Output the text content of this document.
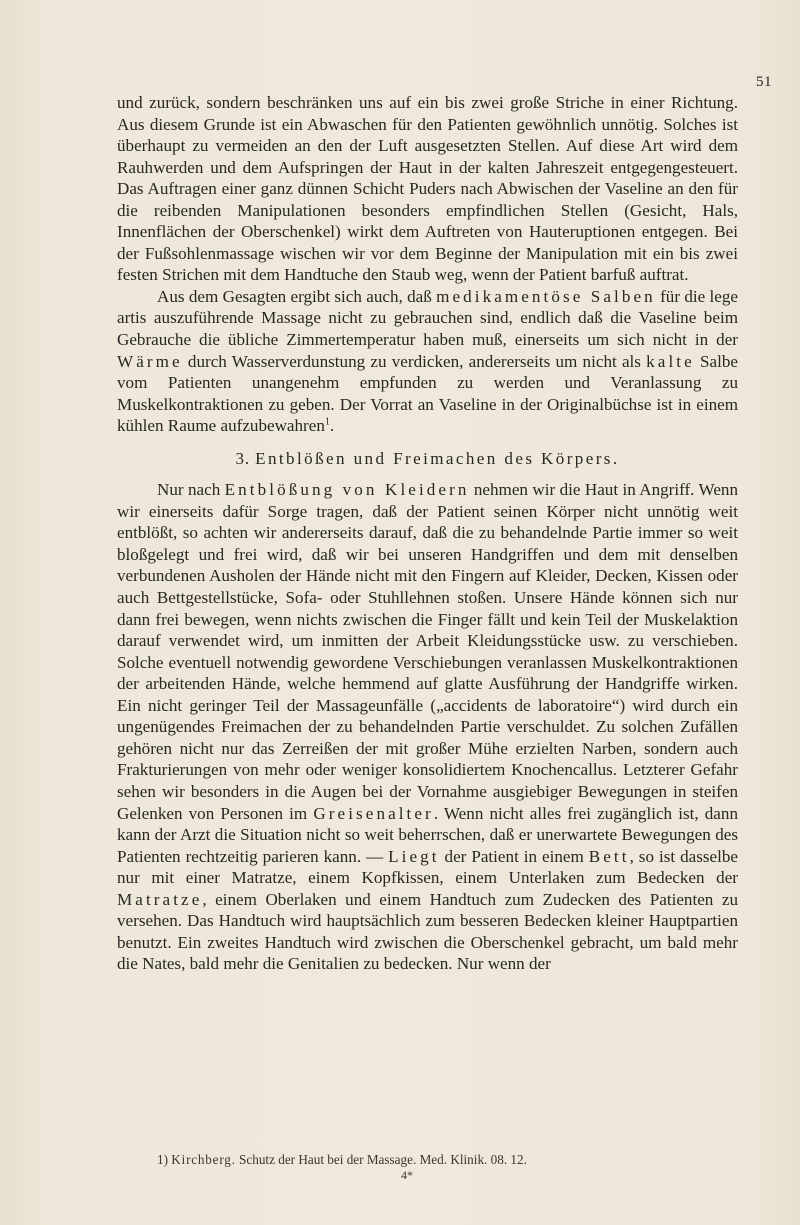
51

und zurück, sondern beschränken uns auf ein bis zwei große Striche in einer Richtung. Aus diesem Grunde ist ein Abwaschen für den Patienten gewöhnlich unnötig. Solches ist überhaupt zu vermeiden an den der Luft ausgesetzten Stellen. Auf diese Art wird dem Rauhwerden und dem Aufspringen der Haut in der kalten Jahreszeit entgegengesteuert. Das Auftragen einer ganz dünnen Schicht Puders nach Abwischen der Vaseline an den für die reibenden Manipulationen besonders empfindlichen Stellen (Gesicht, Hals, Innenflächen der Oberschenkel) wirkt dem Auftreten von Hauteruptionen entgegen. Bei der Fußsohlenmassage wischen wir vor dem Beginne der Manipulation mit ein bis zwei festen Strichen mit dem Handtuche den Staub weg, wenn der Patient barfuß auftrat.

Aus dem Gesagten ergibt sich auch, daß medikamentöse Salben für die lege artis auszuführende Massage nicht zu gebrauchen sind, endlich daß die Vaseline beim Gebrauche die übliche Zimmertemperatur haben muß, einerseits um sich nicht in der Wärme durch Wasserverdunstung zu verdicken, andererseits um nicht als kalte Salbe vom Patienten unangenehm empfunden zu werden und Veranlassung zu Muskelkontraktionen zu geben. Der Vorrat an Vaseline in der Originalbüchse ist in einem kühlen Raume aufzubewahren$^1$.

3. Entblößen und Freimachen des Körpers.

Nur nach Entblößung von Kleidern nehmen wir die Haut in Angriff. Wenn wir einerseits dafür Sorge tragen, daß der Patient seinen Körper nicht unnötig weit entblößt, so achten wir andererseits darauf, daß die zu behandelnde Partie immer so weit bloßgelegt und frei wird, daß wir bei unseren Handgriffen und dem mit denselben verbundenen Ausholen der Hände nicht mit den Fingern auf Kleider, Decken, Kissen oder auch Bettgestellstücke, Sofa- oder Stuhllehnen stoßen. Unsere Hände können sich nur dann frei bewegen, wenn nichts zwischen die Finger fällt und kein Teil der Muskelaktion darauf verwendet wird, um inmitten der Arbeit Kleidungsstücke usw. zu verschieben. Solche eventuell notwendig gewordene Verschiebungen veranlassen Muskelkontraktionen der arbeitenden Hände, welche hemmend auf glatte Ausführung der Handgriffe wirken. Ein nicht geringer Teil der Massageunfälle („accidents de laboratoire“) wird durch ein ungenügendes Freimachen der zu behandelnden Partie verschuldet. Zu solchen Zufällen gehören nicht nur das Zerreißen der mit großer Mühe erzielten Narben, sondern auch Frakturierungen von mehr oder weniger konsolidiertem Knochencallus. Letzterer Gefahr sehen wir besonders in die Augen bei der Vornahme ausgiebiger Bewegungen in steifen Gelenken von Personen im Greisenalter. Wenn nicht alles frei zugänglich ist, dann kann der Arzt die Situation nicht so weit beherrschen, daß er unerwartete Bewegungen des Patienten rechtzeitig parieren kann. — Liegt der Patient in einem Bett, so ist dasselbe nur mit einer Matratze, einem Kopfkissen, einem Unterlaken zum Bedecken der Matratze, einem Oberlaken und einem Handtuch zum Zudecken des Patienten zu versehen. Das Handtuch wird hauptsächlich zum besseren Bedecken kleiner Hauptpartien benutzt. Ein zweites Handtuch wird zwischen die Oberschenkel gebracht, um bald mehr die Nates, bald mehr die Genitalien zu bedecken. Nur wenn der

1) Kirchberg. Schutz der Haut bei der Massage. Med. Klinik. 08. 12.
4*
